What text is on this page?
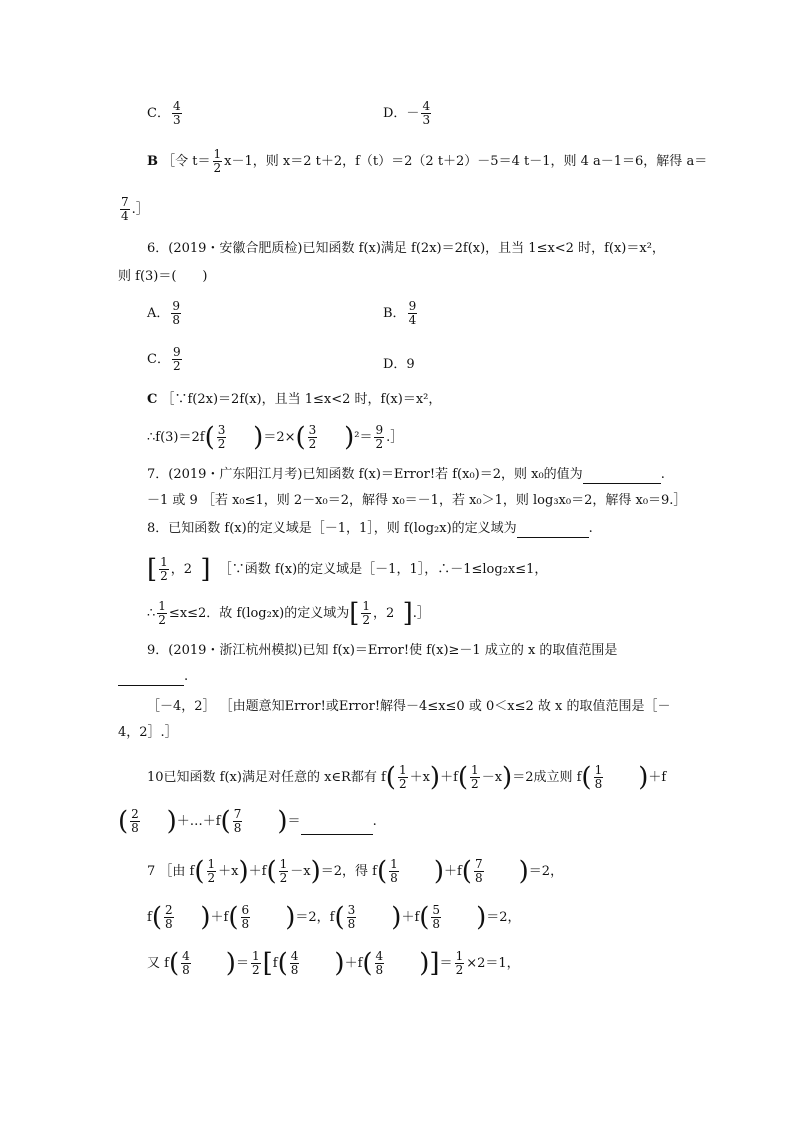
C． $\frac{4}{3}$	D．－ $\frac{4}{3}$
B ［令 $t= \frac{1}{2} x-1$，则 x＝2 t＋2，f（t）＝2（2 t＋2）－5＝4 t－1，则 4 a－1＝6，解得 a＝
$\frac{7}{4}$ .］
6．(2019・安徽合肥质检)已知函数 f(x)满足 f(2x)＝2f(x)，且当 1≤x<2 时，f(x)＝x²，
则 f(3)＝(　　)
A． $\frac{9}{8}$	B． $\frac{9}{4}$
C． $\frac{9}{2}$	D．9
C ［∵f(2x)＝2f(x)，且当 1≤x<2 时，f(x)＝x²，
∴f(3)＝2f( $\frac{3}{2} )=2\times( \frac{3}{2} )^2= \frac{9}{2}$ .］
7．(2019・广东阳江月考)已知函数 f(x)＝Error!若 f(x₀)＝2，则 x₀的值为	.
－1 或 9 ［若 x₀≤1，则 2－x₀＝2，解得 x₀＝－1，若 x₀＞1，则 log₃x₀＝2，解得 x₀＝9.］
8．已知函数 f(x)的定义域是［－1，1］，则 f(log₂x)的定义域为	.
[ $\frac{1}{2}$ ，2 ] ［∵函数 f(x)的定义域是［－1，1］，∴－1≤log₂x≤1，
∴ $\frac{1}{2} \le x\le 2$．故 f(log₂x)的定义域为[ $\frac{1}{2}$ ，2 ].］
9．(2019・浙江杭州模拟)已知 f(x)＝Error!使 f(x)≥－1 成立的 x 的取值范围是
.
［－4，2］ ［由题意知Error!或Error!解得－4≤x≤0 或 0＜x≤2 故 x 的取值范围是［－
4，2］.］
10已知函数 f(x)满足对任意的 x∈R都有 $f( \frac{1}{2} +x)+f( \frac{1}{2} -x)=2$成立则 $f( \frac{1}{8} )+f$
( $\frac{2}{8}$ )＋…＋f( $\frac{7}{8}$ )＝	.
7 ［由 $f( \frac{1}{2} +x)+f( \frac{1}{2} -x)=2$，得 $f( \frac{1}{8} )+f( \frac{7}{8} )=2$，
$f( \frac{2}{8} )+f( \frac{6}{8} )=2$，$f( \frac{3}{8} )+f( \frac{5}{8} )=2$，
又 $f( \frac{4}{8}$ )＝ $\frac{1}{2} [f( \frac{4}{8} )+f( \frac{4}{8}$ )]＝ $\frac{1}{2} \times 2=1$，
